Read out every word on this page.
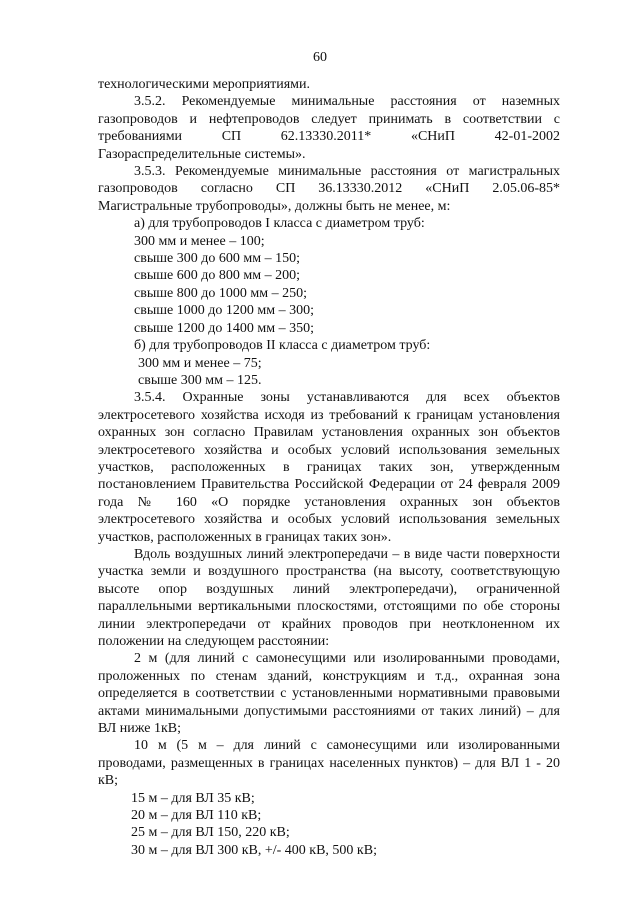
60

технологическими мероприятиями.

3.5.2. Рекомендуемые минимальные расстояния от наземных газопроводов и нефтепроводов следует принимать в соответствии с требованиями СП 62.13330.2011* «СНиП 42-01-2002 Газораспределительные системы».

3.5.3. Рекомендуемые минимальные расстояния от магистральных газопроводов согласно СП 36.13330.2012 «СНиП 2.05.06-85* Магистральные трубопроводы», должны быть не менее, м:

а) для трубопроводов I класса с диаметром труб:

300 мм и менее – 100;

свыше 300 до 600 мм – 150;

свыше 600 до 800 мм – 200;

свыше 800 до 1000 мм – 250;

свыше 1000 до 1200 мм – 300;

свыше 1200 до 1400 мм – 350;

б) для трубопроводов II класса с диаметром труб:

300 мм и менее – 75;

свыше 300 мм – 125.

3.5.4. Охранные зоны устанавливаются для всех объектов электросетевого хозяйства исходя из требований к границам установления охранных зон согласно Правилам установления охранных зон объектов электросетевого хозяйства и особых условий использования земельных участков, расположенных в границах таких зон, утвержденным постановлением Правительства Российской Федерации от 24 февраля 2009 года № 160 «О порядке установления охранных зон объектов электросетевого хозяйства и особых условий использования земельных участков, расположенных в границах таких зон».

Вдоль воздушных линий электропередачи – в виде части поверхности участка земли и воздушного пространства (на высоту, соответствующую высоте опор воздушных линий электропередачи), ограниченной параллельными вертикальными плоскостями, отстоящими по обе стороны линии электропередачи от крайних проводов при неотклоненном их положении на следующем расстоянии:

2 м (для линий с самонесущими или изолированными проводами, проложенных по стенам зданий, конструкциям и т.д., охранная зона определяется в соответствии с установленными нормативными правовыми актами минимальными допустимыми расстояниями от таких линий) – для ВЛ ниже 1кВ;

10 м (5 м – для линий с самонесущими или изолированными проводами, размещенных в границах населенных пунктов) – для ВЛ 1 - 20 кВ;

15 м – для ВЛ 35 кВ;

20 м – для ВЛ 110 кВ;

25 м – для ВЛ 150, 220 кВ;

30 м – для ВЛ 300 кВ, +/- 400 кВ, 500 кВ;
